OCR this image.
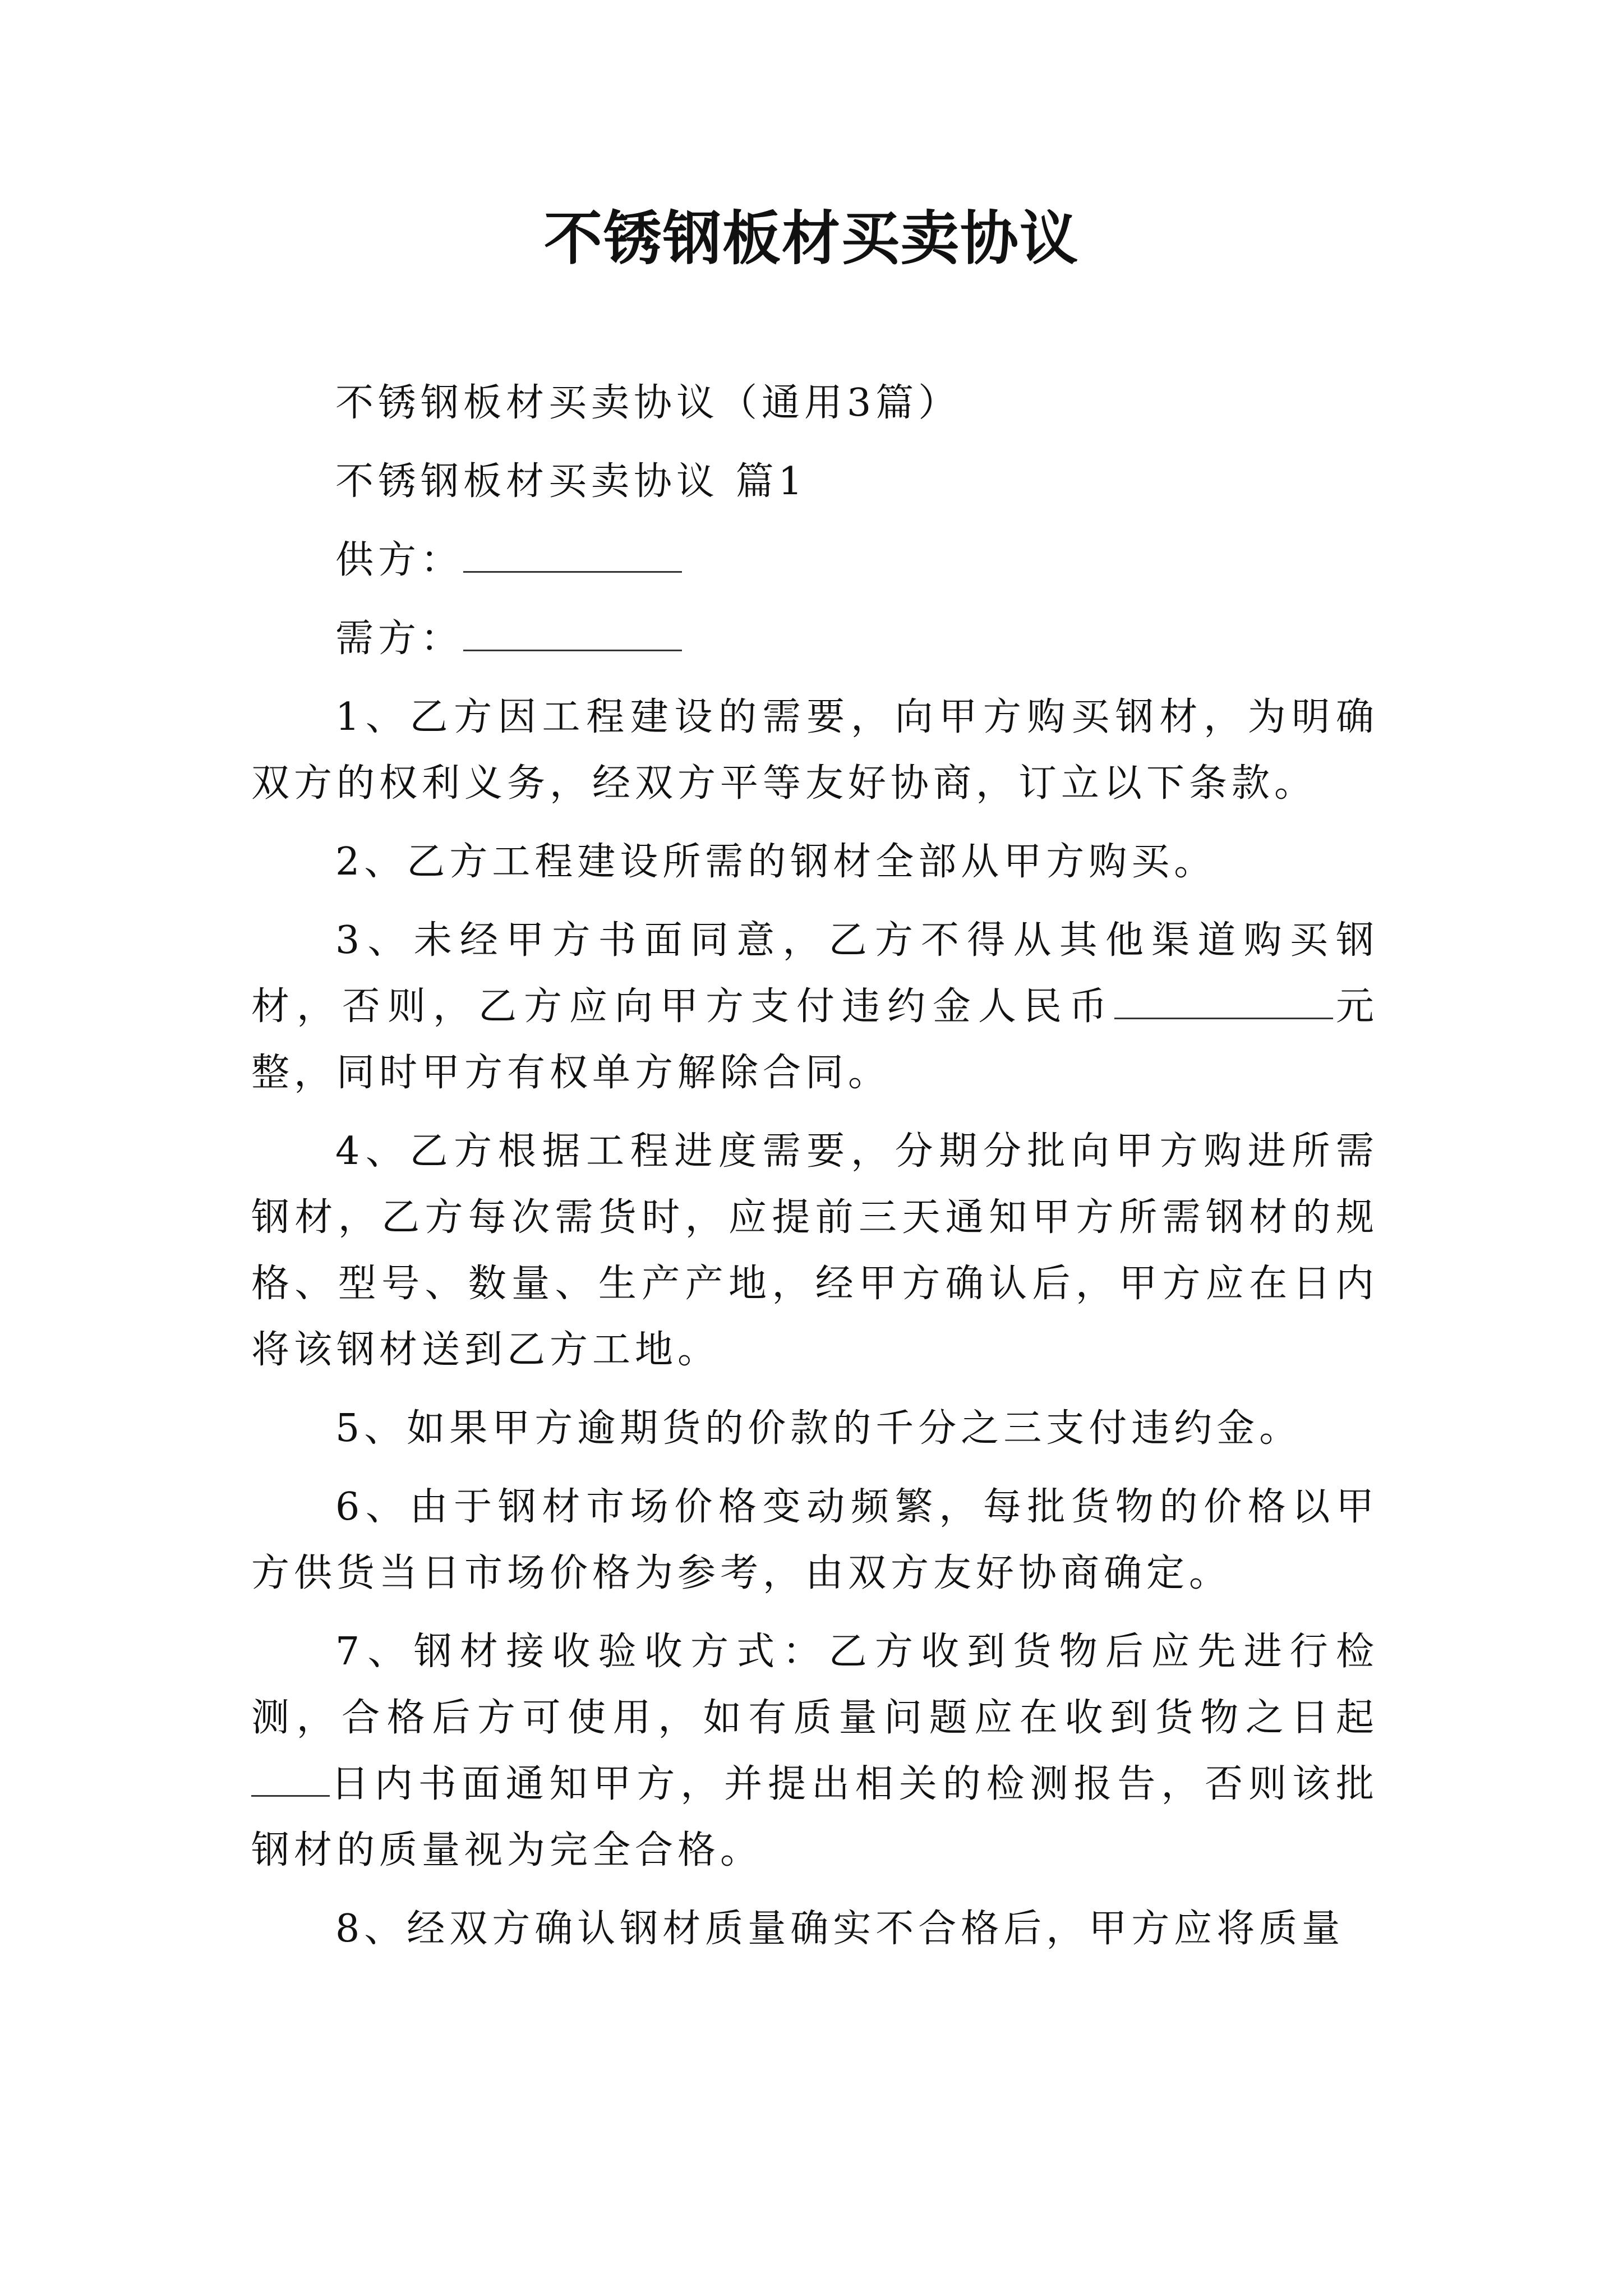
不锈钢板材买卖协议
不锈钢板材买卖协议（通用3篇）
不锈钢板材买卖协议 篇1
供方：
需方：

1、乙方因工程建设的需要，向甲方购买钢材，为明确双方的权利义务，经双方平等友好协商，订立以下条款。

2、乙方工程建设所需的钢材全部从甲方购买。

3、未经甲方书面同意，乙方不得从其他渠道购买钢材，否则，乙方应向甲方支付违约金人民币	元整，同时甲方有权单方解除合同。

4、乙方根据工程进度需要，分期分批向甲方购进所需钢材，乙方每次需货时，应提前三天通知甲方所需钢材的规格、型号、数量、生产产地，经甲方确认后，甲方应在日内将该钢材送到乙方工地。

5、如果甲方逾期货的价款的千分之三支付违约金。

6、由于钢材市场价格变动频繁，每批货物的价格以甲方供货当日市场价格为参考，由双方友好协商确定。

7、钢材接收验收方式：乙方收到货物后应先进行检测，合格后方可使用，如有质量问题应在收到货物之日起日内书面通知甲方，并提出相关的检测报告，否则该批钢材的质量视为完全合格。

8、经双方确认钢材质量确实不合格后，甲方应将质量
